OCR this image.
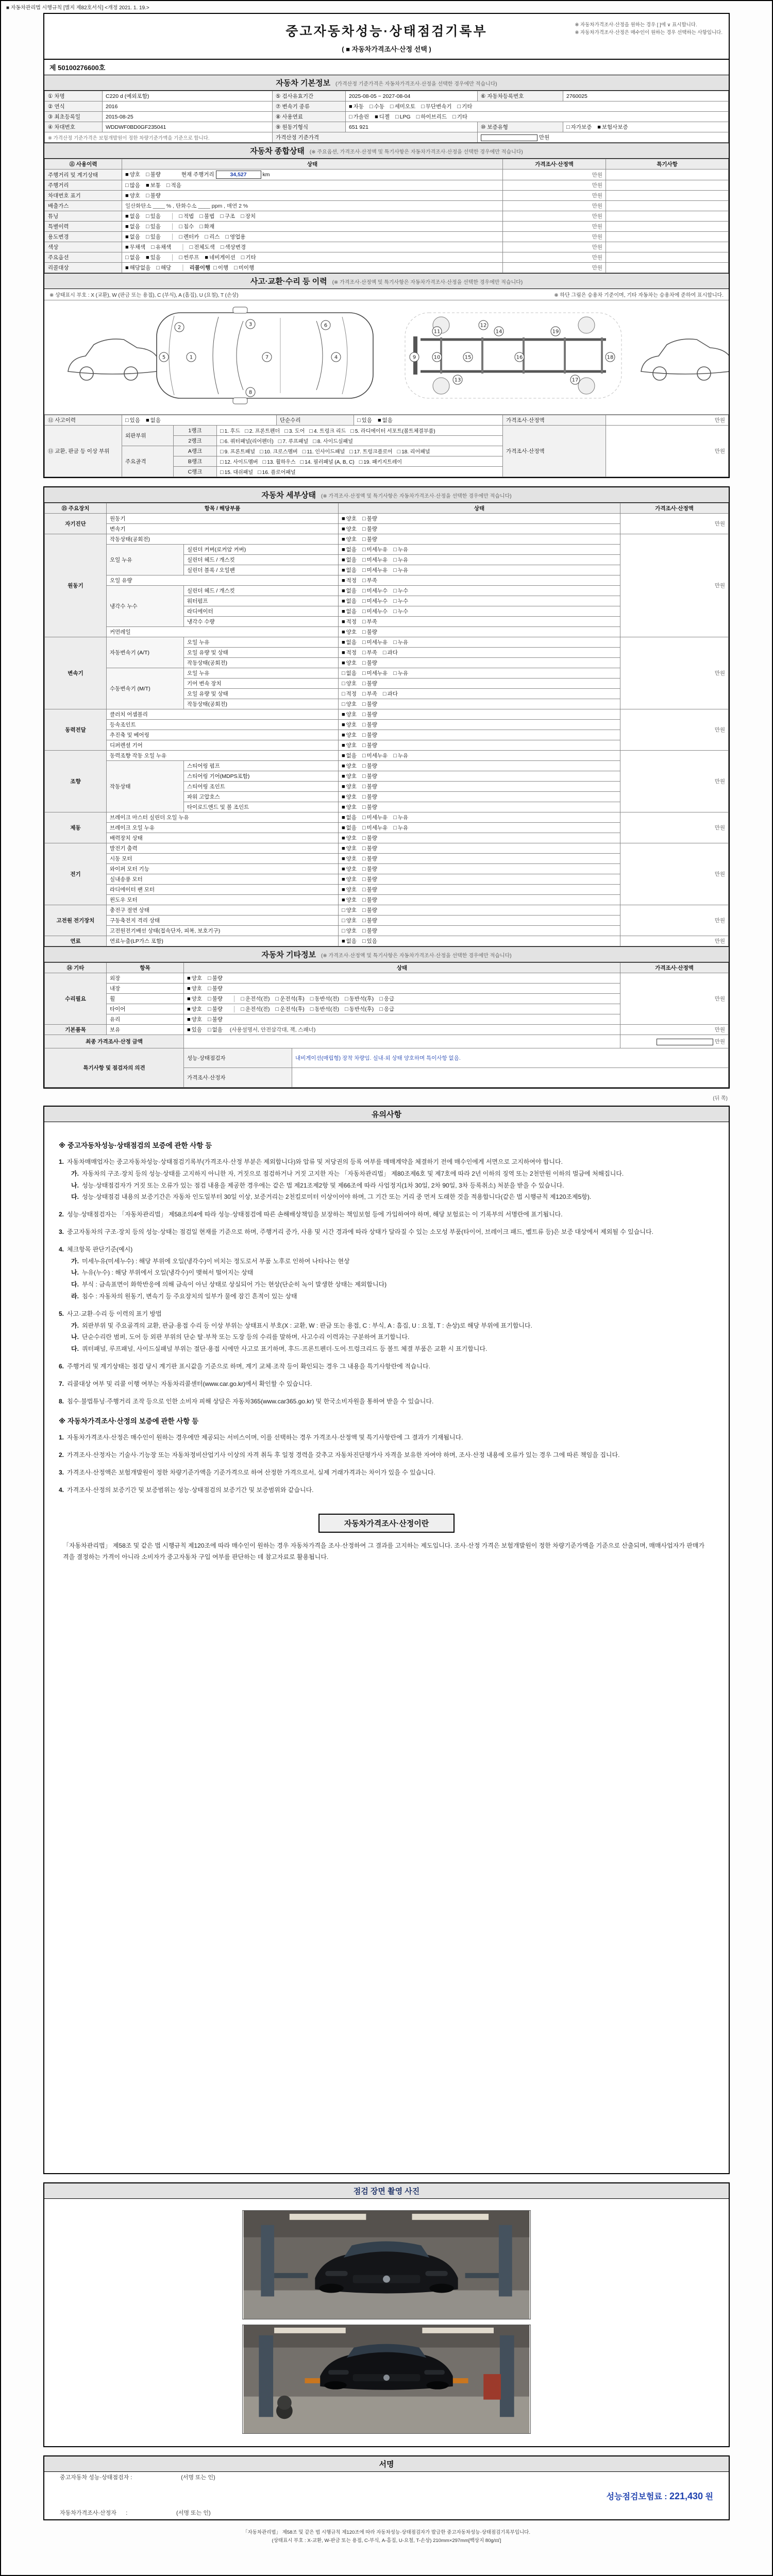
■ 자동차관리법 시행규칙 [별지 제82호서식] <개정 2021. 1. 19.>
중고자동차성능·상태점검기록부
( ■ 자동차가격조사·산정 선택 )
※ 자동차가격조사·산정을 원하는 경우 [ ]에 ∨ 표시합니다.
※ 자동차가격조사·산정은 매수인이 원하는 경우 선택하는 사항입니다.
제 50100276600호
자동차 기본정보 (가격산정 기준가격은 자동차가격조사·산정을 선택한 경우에만 적습니다)
① 차명	C220 d (예외포함)	⑤ 검사유효기간	2025-08-05 ~ 2027-08-04	⑥ 자동차등록번호	2760025
② 연식	2016	⑦ 변속기 종류	■ 자동 □ 수동 □ 세미오토 □ 무단변속기 □ 기타		
③ 최초등록일	2015-08-25	⑧ 사용연료	□ 가솔린 ■ 디젤 □ LPG □ 하이브리드 □ 기타		
④ 차대번호	WDDWF0BD0GF235041	⑨ 원동기형식	651 921	⑩ 보증유형	□ 자가보증 ■ 보험사보증
※ 가격산정 기준가격은 보험개발원이 정한 차량기준가액을 기준으로 합니다.		가격산정 기준가격		만원	
자동차 종합상태 (※ 주요옵션, 가격조사·산정액 및 특기사항은 자동차가격조사·산정을 선택한 경우에만 적습니다)
⑪ 사용이력	상태	가격조사·산정액	특기사항
주행거리 및 계기상태	■ 양호 □ 불량 현재 주행거리 34,527 km	만원	
주행거리	□ 많음 ■ 보통 □ 적음	만원	
차대번호 표기	■ 양호 □ 불량	만원	
배출가스	일산화탄소 ____ % , 탄화수소 ____ ppm , 매연 2 %	만원	
튜닝	■ 없음 □ 있음 │ □ 적법 □ 불법 □ 구조 □ 장치	만원	
특별이력	■ 없음 □ 있음 │ □ 침수 □ 화재	만원	
용도변경	■ 없음 □ 있음 │ □ 렌터카 □ 리스 □ 영업용	만원	
색상	■ 무채색 □ 유채색 │ □ 전체도색 □ 색상변경	만원	
주요옵션	□ 없음 ■ 있음 │ □ 썬루프 ■ 네비게이션 □ 기타	만원	
리콜대상	■ 해당없음 □ 해당 │ 리콜이행 □ 이행 □ 미이행	만원	
사고·교환·수리 등 이력 (※ 가격조사·산정액 및 특기사항은 자동차가격조사·산정을 선택한 경우에만 적습니다)
※ 상태표시 부호 : X (교환), W (판금 또는 용접), C (부식), A (흠집), U (요철), T (손상)	※ 하단 그림은 승용차 기준이며, 기타 자동차는 승용차에 준하여 표시합니다.
1
2
3
4
5
6
7
8
9	10
11
12
13
14
15	16
17
18
19
⑫ 사고이력	□ 있음 ■ 없음	단순수리	□ 있음 ■ 없음	가격조사·산정액	만원
⑬ 교환, 판금 등 이상 부위	외판부위	1랭크	□ 1. 후드 □ 2. 프론트펜더 □ 3. 도어 □ 4. 트렁크 리드 □ 5. 라디에이터 서포트(볼트체결부품)	가격조사·산정액	만원
		2랭크	□ 6. 쿼터패널(리어펜더) □ 7. 루프패널 □ 8. 사이드실패널		
	주요골격	A랭크	□ 9. 프론트패널 □ 10. 크로스멤버 □ 11. 인사이드패널 □ 17. 트렁크플로어 □ 18. 리어패널		
		B랭크	□ 12. 사이드멤버 □ 13. 휠하우스 □ 14. 필러패널 (A, B, C) □ 19. 패키지트레이		
		C랭크	□ 15. 대쉬패널 □ 16. 플로어패널		
자동차 세부상태 (※ 가격조사·산정액 및 특기사항은 자동차가격조사·산정을 선택한 경우에만 적습니다)
⑮ 주요장치	항목 / 해당부품		상태	가격조사·산정액
자기진단	원동기		■ 양호 □ 불량	만원
	변속기		■ 양호 □ 불량	
원동기	작동상태(공회전)		■ 양호 □ 불량	만원
	오일 누유	실린더 커버(로커암 커버)	■ 없음 □ 미세누유 □ 누유	
		실린더 헤드 / 개스킷	■ 없음 □ 미세누유 □ 누유	
		실린더 블록 / 오일팬	■ 없음 □ 미세누유 □ 누유	
	오일 유량		■ 적정 □ 부족	
	냉각수 누수	실린더 헤드 / 개스킷	■ 없음 □ 미세누수 □ 누수	
		워터펌프	■ 없음 □ 미세누수 □ 누수	
		라디에이터	■ 없음 □ 미세누수 □ 누수	
		냉각수 수량	■ 적정 □ 부족	
	커먼레일		■ 양호 □ 불량	
변속기	자동변속기 (A/T)	오일 누유	■ 없음 □ 미세누유 □ 누유	만원
		오일 유량 및 상태	■ 적정 □ 부족 □ 과다	
		작동상태(공회전)	■ 양호 □ 불량	
	수동변속기 (M/T)	오일 누유	□ 없음 □ 미세누유 □ 누유	
		기어 변속 장치	□ 양호 □ 불량	
		오일 유량 및 상태	□ 적정 □ 부족 □ 과다	
		작동상태(공회전)	□ 양호 □ 불량	
동력전달	클러치 어셈블리		■ 양호 □ 불량	만원
	등속조인트		■ 양호 □ 불량	
	추진축 및 베어링		■ 양호 □ 불량	
	디퍼렌셜 기어		■ 양호 □ 불량	
조향	동력조향 작동 오일 누유		■ 없음 □ 미세누유 □ 누유	만원
	작동상태	스티어링 펌프	■ 양호 □ 불량	
		스티어링 기어(MDPS포함)	■ 양호 □ 불량	
		스티어링 조인트	■ 양호 □ 불량	
		파워 고압호스	■ 양호 □ 불량	
		타이로드엔드 및 볼 조인트	■ 양호 □ 불량	
제동	브레이크 마스터 실린더 오일 누유		■ 없음 □ 미세누유 □ 누유	만원
	브레이크 오일 누유		■ 없음 □ 미세누유 □ 누유	
	배력장치 상태		■ 양호 □ 불량	
전기	발전기 출력		■ 양호 □ 불량	만원
	시동 모터		■ 양호 □ 불량	
	와이퍼 모터 기능		■ 양호 □ 불량	
	실내송풍 모터		■ 양호 □ 불량	
	라디에이터 팬 모터		■ 양호 □ 불량	
	윈도우 모터		■ 양호 □ 불량	
고전원 전기장치	충전구 절연 상태		□ 양호 □ 불량	만원
	구동축전지 격리 상태		□ 양호 □ 불량	
	고전원전기배선 상태(접속단자, 피복, 보호기구)		□ 양호 □ 불량	
연료	연료누출(LP가스 포함)		■ 없음 □ 있음	만원
자동차 기타정보 (※ 가격조사·산정액 및 특기사항은 자동차가격조사·산정을 선택한 경우에만 적습니다)
⑭ 기타	항목	상태	가격조사·산정액
수리필요	외장	■ 양호 □ 불량	만원
	내장	■ 양호 □ 불량	
	휠	■ 양호 □ 불량 │ □ 운전석(전) □ 운전석(후) □ 동반석(전) □ 동반석(후) □ 응급	
	타이어	■ 양호 □ 불량 │ □ 운전석(전) □ 운전석(후) □ 동반석(전) □ 동반석(후) □ 응급	
	유리	■ 양호 □ 불량	
기본품목	보유	■ 있음 □ 없음 (사용설명서, 안전삼각대, 잭, 스패너)	만원
최종 가격조사·산정 금액		만원
특기사항 및 점검자의 의견	성능·상태점검자	내비게이션(매립형) 장착 차량임. 실내·외 상태 양호하며 특이사항 없음.
	가격조사·산정자	
(뒤 쪽)
유의사항
※ 중고자동차성능·상태점검의 보증에 관한 사항 등
1. 자동차매매업자는 중고자동차성능·상태점검기록부(가격조사·산정 부분은 제외합니다)와 압류 및 저당권의 등록 여부를 매매계약을 체결하기 전에 매수인에게 서면으로 고지하여야 합니다.
가. 자동차의 구조·장치 등의 성능·상태를 고지하지 아니한 자, 거짓으로 점검하거나 거짓 고지한 자는 「자동차관리법」 제80조제6호 및 제7호에 따라 2년 이하의 징역 또는 2천만원 이하의 벌금에 처해집니다.
나. 성능·상태점검자가 거짓 또는 오류가 있는 점검 내용을 제공한 경우에는 같은 법 제21조제2항 및 제66조에 따라 사업정지(1차 30일, 2차 90일, 3차 등록취소) 처분을 받을 수 있습니다.
다. 성능·상태점검 내용의 보증기간은 자동차 인도일부터 30일 이상, 보증거리는 2천킬로미터 이상이어야 하며, 그 기간 또는 거리 중 먼저 도래한 것을 적용합니다(같은 법 시행규칙 제120조제5항).
2. 성능·상태점검자는 「자동차관리법」 제58조의4에 따라 성능·상태점검에 따른 손해배상책임을 보장하는 책임보험 등에 가입하여야 하며, 해당 보험료는 이 기록부의 서명란에 표기됩니다.
3. 중고자동차의 구조·장치 등의 성능·상태는 점검일 현재를 기준으로 하며, 주행거리 증가, 사용 및 시간 경과에 따라 상태가 달라질 수 있는 소모성 부품(타이어, 브레이크 패드, 벨트류 등)은 보증 대상에서 제외될 수 있습니다.
4. 체크항목 판단기준(예시)
가. 미세누유(미세누수) : 해당 부위에 오일(냉각수)이 비치는 정도로서 부품 노후로 인하여 나타나는 현상
나. 누유(누수) : 해당 부위에서 오일(냉각수)이 맺혀서 떨어지는 상태
다. 부식 : 금속표면이 화학반응에 의해 금속이 아닌 상태로 상실되어 가는 현상(단순히 녹이 발생한 상태는 제외합니다)
라. 침수 : 자동차의 원동기, 변속기 등 주요장치의 일부가 물에 잠긴 흔적이 있는 상태
5. 사고·교환·수리 등 이력의 표기 방법
가. 외판부위 및 주요골격의 교환, 판금·용접 수리 등 이상 부위는 상태표시 부호(X : 교환, W : 판금 또는 용접, C : 부식, A : 흠집, U : 요철, T : 손상)로 해당 부위에 표기합니다.
나. 단순수리란 범퍼, 도어 등 외판 부위의 단순 탈·부착 또는 도장 등의 수리를 말하며, 사고수리 이력과는 구분하여 표기합니다.
다. 쿼터패널, 루프패널, 사이드실패널 부위는 절단·용접 시에만 사고로 표기하며, 후드·프론트펜더·도어·트렁크리드 등 볼트 체결 부품은 교환 시 표기합니다.
6. 주행거리 및 계기상태는 점검 당시 계기판 표시값을 기준으로 하며, 계기 교체·조작 등이 확인되는 경우 그 내용을 특기사항란에 적습니다.
7. 리콜대상 여부 및 리콜 이행 여부는 자동차리콜센터(www.car.go.kr)에서 확인할 수 있습니다.
8. 침수·불법튜닝·주행거리 조작 등으로 인한 소비자 피해 상담은 자동차365(www.car365.go.kr) 및 한국소비자원을 통하여 받을 수 있습니다.
※ 자동차가격조사·산정의 보증에 관한 사항 등
1. 자동차가격조사·산정은 매수인이 원하는 경우에만 제공되는 서비스이며, 이를 선택하는 경우 가격조사·산정액 및 특기사항란에 그 결과가 기재됩니다.
2. 가격조사·산정자는 기술사·기능장 또는 자동차정비산업기사 이상의 자격 취득 후 일정 경력을 갖추고 자동차진단평가사 자격을 보유한 자여야 하며, 조사·산정 내용에 오류가 있는 경우 그에 따른 책임을 집니다.
3. 가격조사·산정액은 보험개발원이 정한 차량기준가액을 기준가격으로 하여 산정한 가격으로서, 실제 거래가격과는 차이가 있을 수 있습니다.
4. 가격조사·산정의 보증기간 및 보증범위는 성능·상태점검의 보증기간 및 보증범위와 같습니다.
자동차가격조사·산정이란

「자동차관리법」 제58조 및 같은 법 시행규칙 제120조에 따라 매수인이 원하는 경우 자동차가격을 조사·산정하여 그 결과를 고지하는 제도입니다. 조사·산정 가격은 보험개발원이 정한 차량기준가액을 기준으로 산출되며, 매매사업자가 판매가격을 결정하는 가격이 아니라 소비자가 중고자동차 구입 여부를 판단하는 데 참고자료로 활용됩니다.

점검 장면 촬영 사진
서명

중고자동차 성능·상태점검자 :                               (서명 또는 인)

자동차가격조사·산정자      :                               (서명 또는 인)

성능점검보험료 : 221,430 원
「자동차관리법」 제58조 및 같은 법 시행규칙 제120조에 따라 자동차성능·상태점검자가 발급한 중고자동차성능·상태점검기록부입니다.
(상태표시 부호 : X-교환, W-판금 또는 용접, C-부식, A-흠집, U-요철, T-손상) 210mm×297mm[백상지 80g/㎡]
